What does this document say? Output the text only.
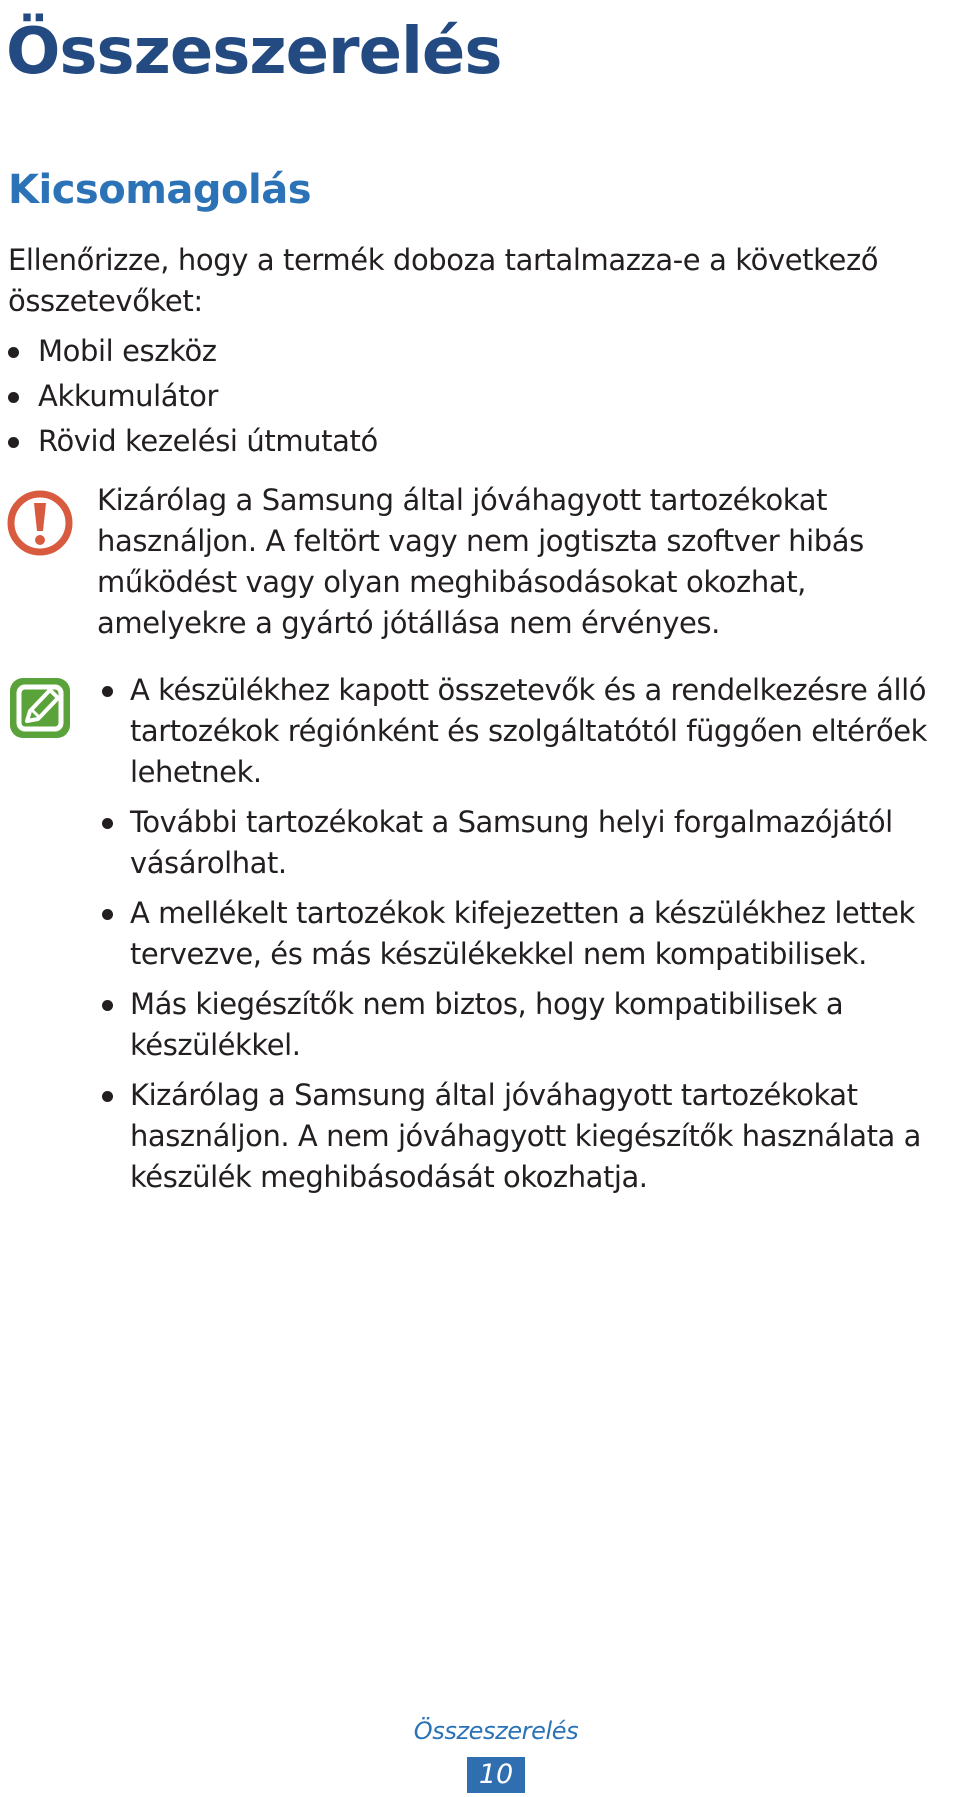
Összeszerelés
Kicsomagolás

Ellenőrizze, hogy a termék doboza tartalmazza-e a következő összetevőket:

Mobil eszköz
Akkumulátor
Rövid kezelési útmutató

Kizárólag a Samsung által jóváhagyott tartozékokat használjon. A feltört vagy nem jogtiszta szoftver hibás működést vagy olyan meghibásodásokat okozhat, amelyekre a gyártó jótállása nem érvényes.

A készülékhez kapott összetevők és a rendelkezésre álló tartozékok régiónként és szolgáltatótól függően eltérőek lehetnek.
További tartozékokat a Samsung helyi forgalmazójától vásárolhat.
A mellékelt tartozékok kifejezetten a készülékhez lettek tervezve, és más készülékekkel nem kompatibilisek.
Más kiegészítők nem biztos, hogy kompatibilisek a készülékkel.
Kizárólag a Samsung által jóváhagyott tartozékokat használjon. A nem jóváhagyott kiegészítők használata a készülék meghibásodását okozhatja.
Összeszerelés
10
